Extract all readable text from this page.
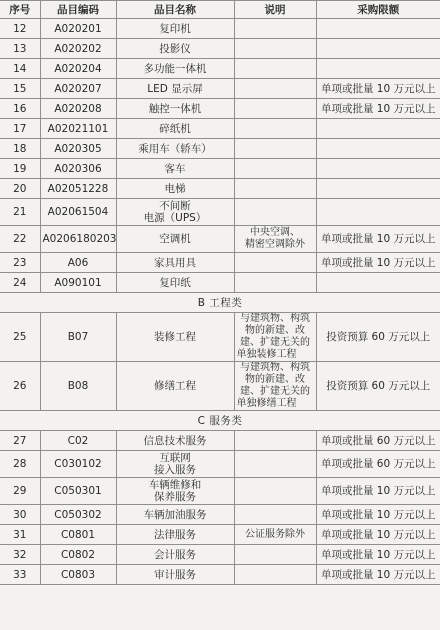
序号	品目编码	品目名称	说明	采购限额
12	A020201	复印机		
13	A020202	投影仪		
14	A020204	多功能一体机		
15	A020207	LED 显示屏		单项或批量 10 万元以上
16	A020208	触控一体机		单项或批量 10 万元以上
17	A02021101	碎纸机		
18	A020305	乘用车（轿车）		
19	A020306	客车		
20	A02051228	电梯		
21	A02061504	不间断
电源（UPS）		
22	A0206180203	空调机	中央空调、
精密空调除外	单项或批量 10 万元以上
23	A06	家具用具		单项或批量 10 万元以上
24	A090101	复印纸		
B 工程类				
25	B07	装修工程	与建筑物、构筑物的新建、改建、扩建无关的单独装修工程	投资预算 60 万元以上
26	B08	修缮工程	与建筑物、构筑物的新建、改建、扩建无关的单独修缮工程	投资预算 60 万元以上
C 服务类				
27	C02	信息技术服务		单项或批量 60 万元以上
28	C030102	互联网
接入服务		单项或批量 60 万元以上
29	C050301	车辆维修和
保养服务		单项或批量 10 万元以上
30	C050302	车辆加油服务		单项或批量 10 万元以上
31	C0801	法律服务	公证服务除外	单项或批量 10 万元以上
32	C0802	会计服务		单项或批量 10 万元以上
33	C0803	审计服务		单项或批量 10 万元以上
